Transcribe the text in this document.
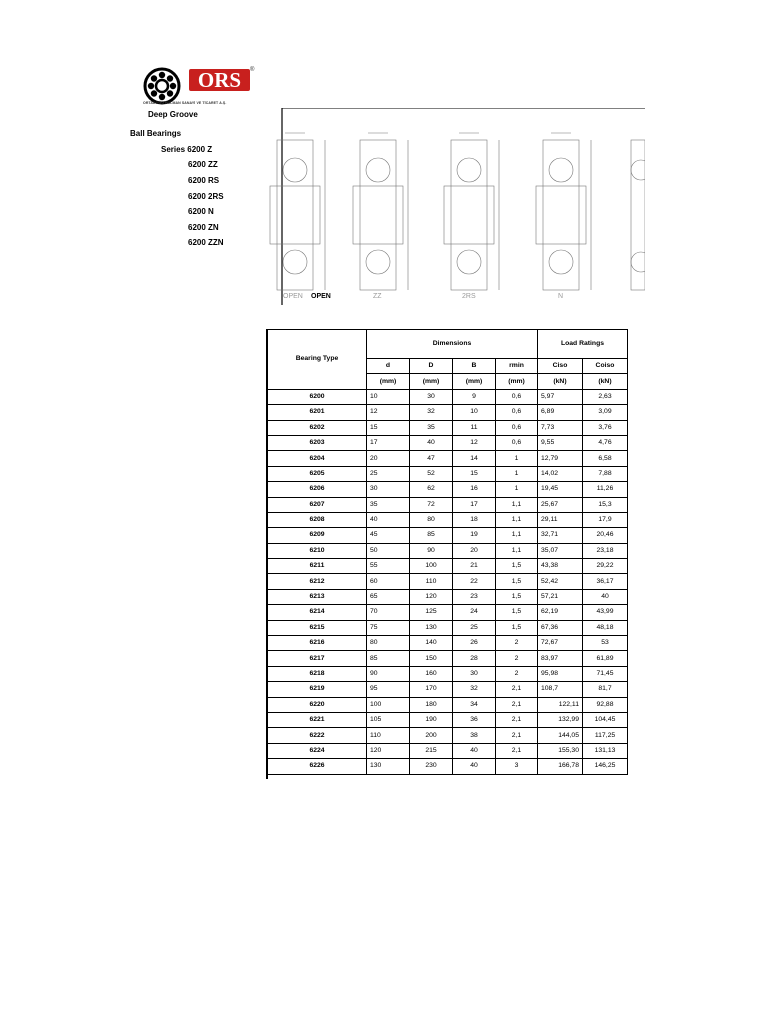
ORS	®
ORTADOĞU RULMAN SANAYİ VE TİCARET A.Ş.
Deep Groove
Ball Bearings
Series 6200 Z
6200 ZZ
6200 RS
6200 2RS
6200 N
6200 ZN
6200 ZZN
OPEN	ZZ	2RS	N
OPEN
Bearing Type	Dimensions				Load Ratings	
	d	D	B	rmin	Ciso	Coiso
	(mm)	(mm)	(mm)	(mm)	(kN)	(kN)
6200	10	30	9	0,6	5,97	2,63
6201	12	32	10	0,6	6,89	3,09
6202	15	35	11	0,6	7,73	3,76
6203	17	40	12	0,6	9,55	4,76
6204	20	47	14	1	12,79	6,58
6205	25	52	15	1	14,02	7,88
6206	30	62	16	1	19,45	11,26
6207	35	72	17	1,1	25,67	15,3
6208	40	80	18	1,1	29,11	17,9
6209	45	85	19	1,1	32,71	20,46
6210	50	90	20	1,1	35,07	23,18
6211	55	100	21	1,5	43,38	29,22
6212	60	110	22	1,5	52,42	36,17
6213	65	120	23	1,5	57,21	40
6214	70	125	24	1,5	62,19	43,99
6215	75	130	25	1,5	67,36	48,18
6216	80	140	26	2	72,67	53
6217	85	150	28	2	83,97	61,89
6218	90	160	30	2	95,98	71,45
6219	95	170	32	2,1	108,7	81,7
6220	100	180	34	2,1	122,11	92,88
6221	105	190	36	2,1	132,99	104,45
6222	110	200	38	2,1	144,05	117,25
6224	120	215	40	2,1	155,30	131,13
6226	130	230	40	3	166,78	146,25
